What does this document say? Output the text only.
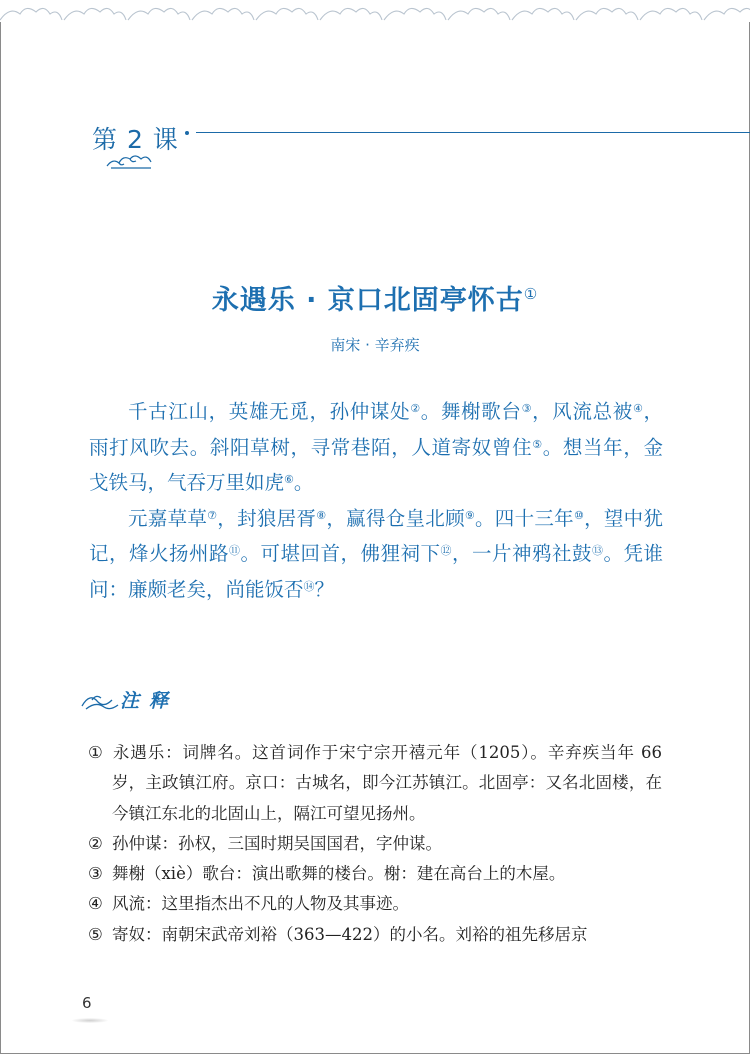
第 2 课
永遇乐 · 京口北固亭怀古①
南宋 · 辛弃疾

千古江山，英雄无觅，孙仲谋处②。舞榭歌台③，风流总被④，雨打风吹去。斜阳草树，寻常巷陌，人道寄奴曾住⑤。想当年，金戈铁马，气吞万里如虎⑥。

元嘉草草⑦，封狼居胥⑧，赢得仓皇北顾⑨。四十三年⑩，望中犹记，烽火扬州路⑪。可堪回首，佛狸祠下⑫，一片神鸦社鼓⑬。凭谁问：廉颇老矣，尚能饭否⑭？

注释
① 永遇乐：词牌名。这首词作于宋宁宗开禧元年（1205）。辛弃疾当年 66 岁，主政镇江府。京口：古城名，即今江苏镇江。北固亭：又名北固楼，在今镇江东北的北固山上，隔江可望见扬州。
② 孙仲谋：孙权，三国时期吴国国君，字仲谋。
③ 舞榭（xiè）歌台：演出歌舞的楼台。榭：建在高台上的木屋。
④ 风流：这里指杰出不凡的人物及其事迹。
⑤ 寄奴：南朝宋武帝刘裕（363—422）的小名。刘裕的祖先移居京
6
